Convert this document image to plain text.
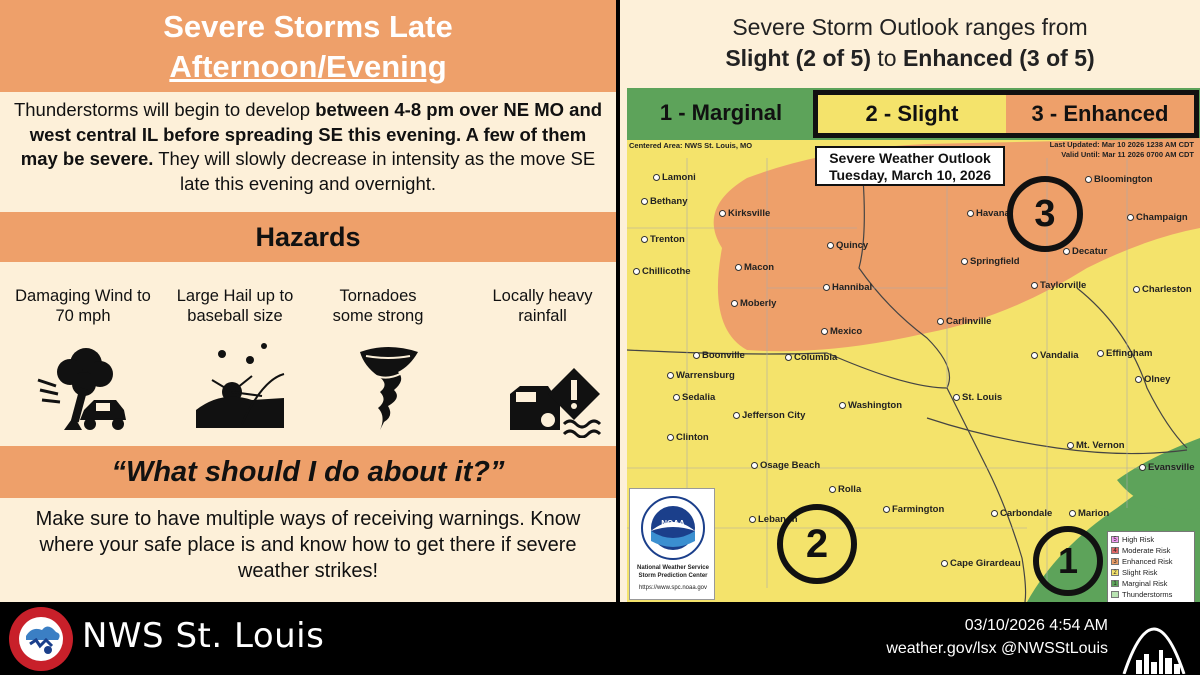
Severe Storms Late
Afternoon/Evening
Thunderstorms will begin to develop between 4-8 pm over NE MO and west central IL before spreading SE this evening. A few of them may be severe. They will slowly decrease in intensity as the move SE late this evening and overnight.
Hazards
Damaging Wind to 70 mph
Large Hail up to baseball size
Tornadoes some strong
Locally heavy rainfall
“What should I do about it?”
Make sure to have multiple ways of receiving warnings. Know where your safe place is and know how to get there if severe weather strikes!
Severe Storm Outlook ranges from
Slight (2 of 5) to Enhanced (3 of 5)
1 - Marginal	2 - Slight	3 - Enhanced
Centered Area: NWS St. Louis, MO	Last Updated: Mar 10 2026 1238 AM CDT
Valid Until: Mar 11 2026 0700 AM CDT
Severe Weather Outlook
Tuesday, March 10, 2026
Lamoni
Bethany
Trenton
Chillicothe
Kirksville
Macon
Moberly
Quincy
Hannibal
Mexico
Boonville	Columbia
Warrensburg
Sedalia
Jefferson City
Washington
Clinton
Osage Beach
Rolla
Lebanon
Farmington
Cape Girardeau
Carbondale	Marion
Mt. Vernon
Evansville
Olney
Effingham
Vandalia
St. Louis
Carlinville
Springfield
Taylorville	Charleston
Decatur
Havana
Bloomington
Champaign
3
2	1
NOAA
National Weather Service
Storm Prediction Center
https://www.spc.noaa.gov
5 High Risk
4 Moderate Risk
3 Enhanced Risk
2 Slight Risk
1 Marginal Risk
Thunderstorms
NWS St. Louis	03/10/2026 4:54 AM
weather.gov/lsx @NWSStLouis
